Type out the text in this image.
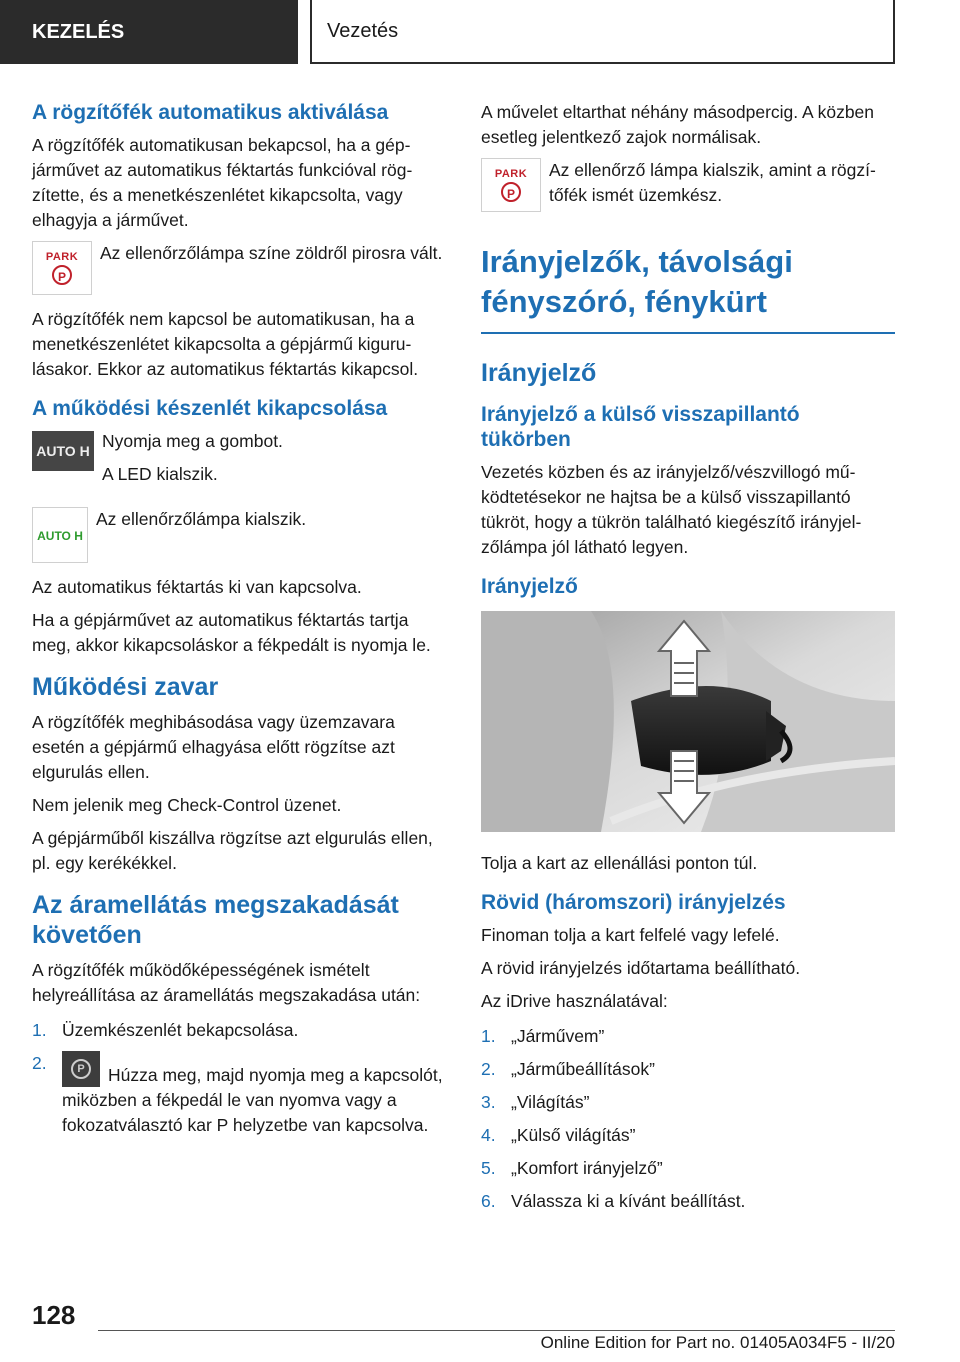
KEZELÉS	Vezetés
A rögzítőfék automatikus aktiválása

A rögzítőfék automatikusan bekapcsol, ha a gépjárművet az automatikus féktartás funkcióval rögzítette, és a menetkészenlétet kikapcsolta, vagy elhagyja a járművet.

PARK
P

Az ellenőrzőlámpa színe zöldről pirosra vált.

A rögzítőfék nem kapcsol be automatikusan, ha a menetkészenlétet kikapcsolta a gépjármű kigurulásakor. Ekkor az automatikus féktartás kikapcsol.

A működési készenlét kikapcsolása
AUTO H Nyomja meg a gombot.

A LED kialszik.

AUTO H

Az ellenőrzőlámpa kialszik.

Az automatikus féktartás ki van kapcsolva.

Ha a gépjárművet az automatikus féktartás tartja meg, akkor kikapcsoláskor a fékpedált is nyomja le.

Működési zavar

A rögzítőfék meghibásodása vagy üzemzavara esetén a gépjármű elhagyása előtt rögzítse azt elgurulás ellen.

Nem jelenik meg Check-Control üzenet.

A gépjárműből kiszállva rögzítse azt elgurulás ellen, pl. egy kerékékkel.

Az áramellátás megszakadását követően

A rögzítőfék működőképességének ismételt helyreállítása az áramellátás megszakadása után:

1. Üzemkészenlét bekapcsolása.
2.	P	Húzza meg, majd nyomja meg a kapcsolót, miközben a fékpedál le van nyomva vagy a fokozatválasztó kar P helyzetbe van kapcsolva.

A művelet eltarthat néhány másodpercig. A közben esetleg jelentkező zajok normálisak.

PARK
P

Az ellenőrző lámpa kialszik, amint a rögzítőfék ismét üzemkész.

Irányjelzők, távolsági fényszóró, fénykürt
Irányjelző
Irányjelző a külső visszapillantó tükörben

Vezetés közben és az irányjelző/vészvillogó működtetésekor ne hajtsa be a külső visszapillantó tükröt, hogy a tükrön található kiegészítő irányjelzőlámpa jól látható legyen.

Irányjelző

Tolja a kart az ellenállási ponton túl.

Rövid (háromszori) irányjelzés

Finoman tolja a kart felfelé vagy lefelé.

A rövid irányjelzés időtartama beállítható.

Az iDrive használatával:

1. „Járművem”
2. „Járműbeállítások”
3. „Világítás”
4. „Külső világítás”
5. „Komfort irányjelző”
6. Válassza ki a kívánt beállítást.
128
Online Edition for Part no. 01405A034F5 - II/20
